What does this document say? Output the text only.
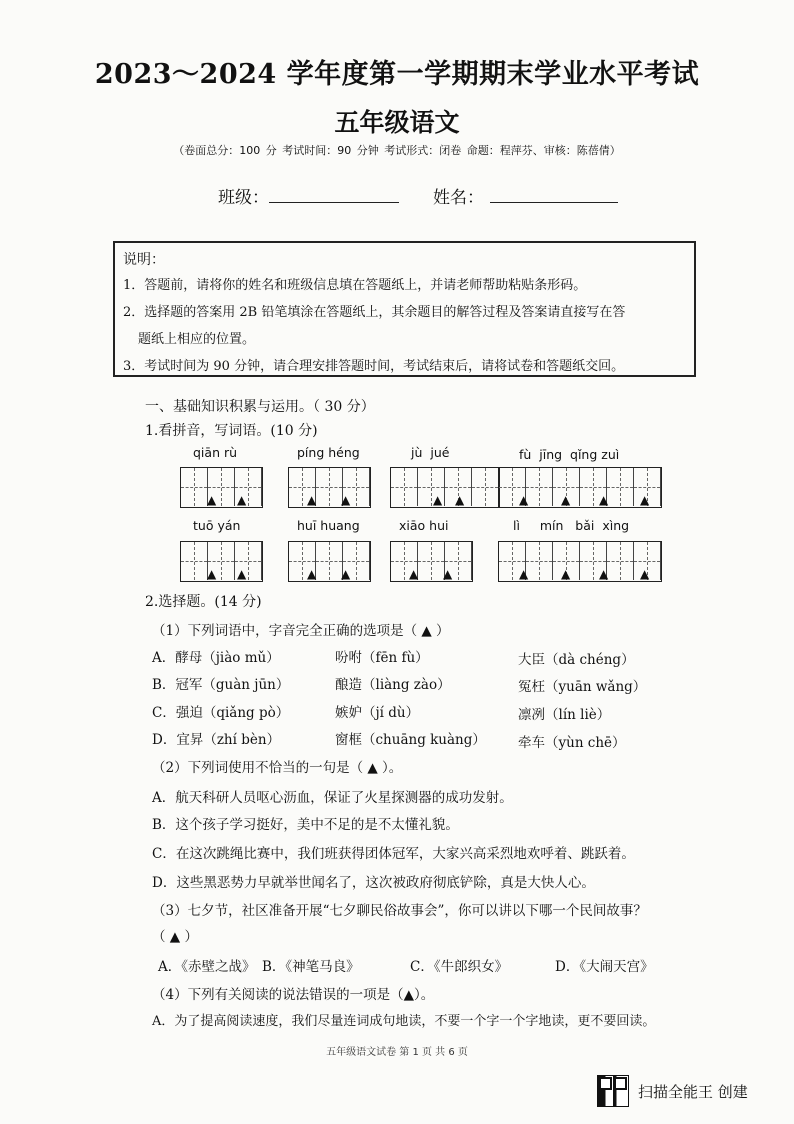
2023～2024 学年度第一学期期末学业水平考试
五年级语文
（卷面总分：100 分 考试时间：90 分钟 考试形式：闭卷 命题：程萍芬、审核：陈蓓倩）
班级：	姓名：
说明：
1．答题前，请将你的姓名和班级信息填在答题纸上，并请老师帮助粘贴条形码。
2．选择题的答案用 2B 铅笔填涂在答题纸上，其余题目的解答过程及答案请直接写在答
题纸上相应的位置。
3．考试时间为 90 分钟，请合理安排答题时间，考试结束后，请将试卷和答题纸交回。
一、基础知识积累与运用。（ 30 分）
1.看拼音，写词语。(10 分)
qiān rù	píng héng	jù  jué	fù  jīng  qǐng zuì
▲ ▲	▲ ▲	▲ ▲	▲	▲ ▲	▲
tuō yán	huī huang	xiāo hui	lì     mín   bǎi  xìng
▲ ▲	▲ ▲	▲ ▲	▲	▲ ▲	▲
2.选择题。(14 分)
（1）下列词语中，字音完全正确的选项是（ ▲ ）
A．酵母（jiào mǔ）	吩咐（fēn fù）	大臣（dà chéng）
B．冠军（guàn jūn）	酿造（liàng zào）	冤枉（yuān wǎng）
C．强迫（qiǎng pò）	嫉妒（jí dù）	凛冽（lín liè）
D．宜昇（zhí bèn）	窗框（chuāng kuàng） 牵车（yùn chē）
（2）下列词使用不恰当的一句是（ ▲ ）。
A．航天科研人员呕心沥血，保证了火星探测器的成功发射。
B．这个孩子学习挺好，美中不足的是不太懂礼貌。
C．在这次跳绳比赛中，我们班获得团体冠军，大家兴高采烈地欢呼着、跳跃着。
D．这些黑恶势力早就举世闻名了，这次被政府彻底铲除，真是大快人心。
（3）七夕节，社区准备开展“七夕聊民俗故事会”，你可以讲以下哪一个民间故事？
（ ▲ ）
A．《赤壁之战》 B．《神笔马良》	C．《牛郎织女》	D．《大闹天宫》
（4）下列有关阅读的说法错误的一项是（▲）。
A．为了提高阅读速度，我们尽量连词成句地读，不要一个字一个字地读，更不要回读。
五年级语文试卷 第 1 页 共 6 页
扫描全能王 创建
